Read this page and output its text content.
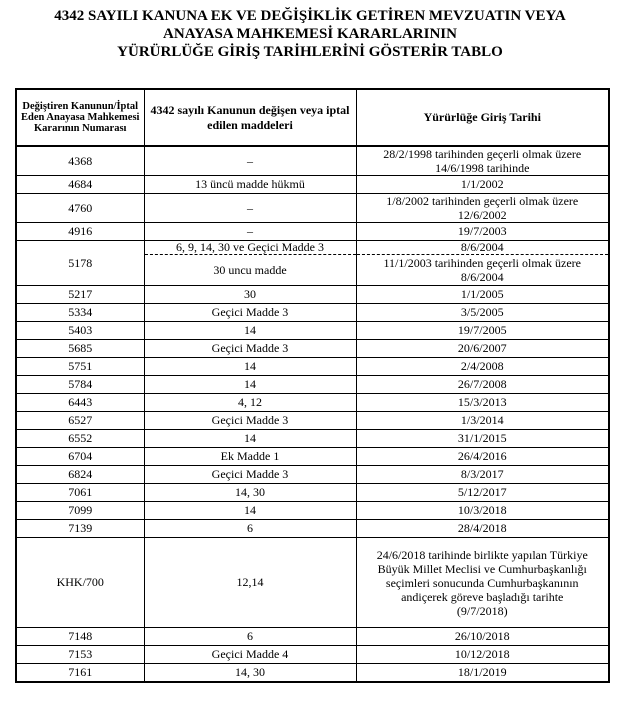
4342 SAYILI KANUNA EK VE DEĞİŞİKLİK GETİREN MEVZUATIN VEYA
ANAYASA MAHKEMESİ KARARLARININ
YÜRÜRLÜĞE GİRİŞ TARİHLERİNİ GÖSTERİR TABLO
Değiştiren Kanunun/İptal Eden Anayasa Mahkemesi Kararının Numarası	4342 sayılı Kanunun değişen veya iptal edilen maddeleri	Yürürlüğe Giriş Tarihi
4368	–	28/2/1998 tarihinden geçerli olmak üzere
14/6/1998 tarihinde

4684	13 üncü madde hükmü	1/1/2002
4760	–	1/8/2002 tarihinden geçerli olmak üzere
12/6/2002

4916	–	19/7/2003
5178	6, 9, 14, 30 ve Geçici Madde 3	8/6/2004
	30 uncu madde	11/1/2003 tarihinden geçerli olmak üzere
8/6/2004

5217	30	1/1/2005
5334	Geçici Madde 3	3/5/2005
5403	14	19/7/2005
5685	Geçici Madde 3	20/6/2007
5751	14	2/4/2008
5784	14	26/7/2008
6443	4, 12	15/3/2013
6527	Geçici Madde 3	1/3/2014
6552	14	31/1/2015
6704	Ek Madde 1	26/4/2016
6824	Geçici Madde 3	8/3/2017
7061	14, 30	5/12/2017
7099	14	10/3/2018
7139	6	28/4/2018
KHK/700	12,14	24/6/2018 tarihinde birlikte yapılan Türkiye
Büyük Millet Meclisi ve Cumhurbaşkanlığı
seçimleri sonucunda Cumhurbaşkanının
andiçerek göreve başladığı tarihte
(9/7/2018)

7148	6	26/10/2018
7153	Geçici Madde 4	10/12/2018
7161	14, 30	18/1/2019
